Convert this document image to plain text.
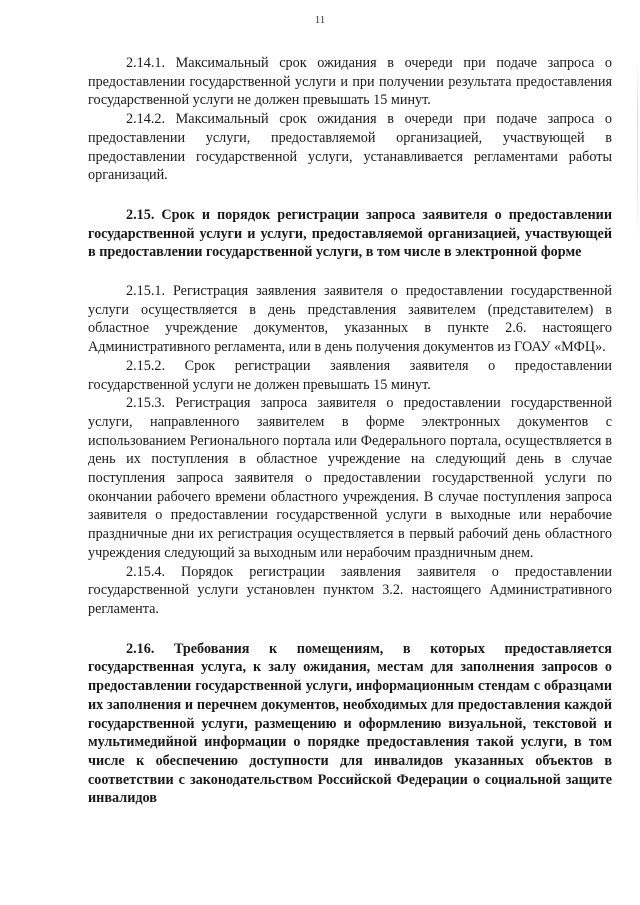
11

2.14.1. Максимальный срок ожидания в очереди при подаче запроса о предоставлении государственной услуги и при получении результата предоставления государственной услуги не должен превышать 15 минут.

2.14.2. Максимальный срок ожидания в очереди при подаче запроса о предоставлении услуги, предоставляемой организацией, участвующей в предоставлении государственной услуги, устанавливается регламентами работы организаций.

2.15. Срок и порядок регистрации запроса заявителя о предоставлении государственной услуги и услуги, предоставляемой организацией, участвующей в предоставлении государственной услуги, в том числе в электронной форме

2.15.1. Регистрация заявления заявителя о предоставлении государственной услуги осуществляется в день представления заявителем (представителем) в областное учреждение документов, указанных в пункте 2.6. настоящего Административного регламента, или в день получения документов из ГОАУ «МФЦ».

2.15.2. Срок регистрации заявления заявителя о предоставлении государственной услуги не должен превышать 15 минут.

2.15.3. Регистрация запроса заявителя о предоставлении государственной услуги, направленного заявителем в форме электронных документов с использованием Регионального портала или Федерального портала, осуществляется в день их поступления в областное учреждение на следующий день в случае поступления запроса заявителя о предоставлении государственной услуги по окончании рабочего времени областного учреждения. В случае поступления запроса заявителя о предоставлении государственной услуги в выходные или нерабочие праздничные дни их регистрация осуществляется в первый рабочий день областного учреждения следующий за выходным или нерабочим праздничным днем.

2.15.4. Порядок регистрации заявления заявителя о предоставлении государственной услуги установлен пунктом 3.2. настоящего Административного регламента.

2.16. Требования к помещениям, в которых предоставляется государственная услуга, к залу ожидания, местам для заполнения запросов о предоставлении государственной услуги, информационным стендам с образцами их заполнения и перечнем документов, необходимых для предоставления каждой государственной услуги, размещению и оформлению визуальной, текстовой и мультимедийной информации о порядке предоставления такой услуги, в том числе к обеспечению доступности для инвалидов указанных объектов в соответствии с законодательством Российской Федерации о социальной защите инвалидов
